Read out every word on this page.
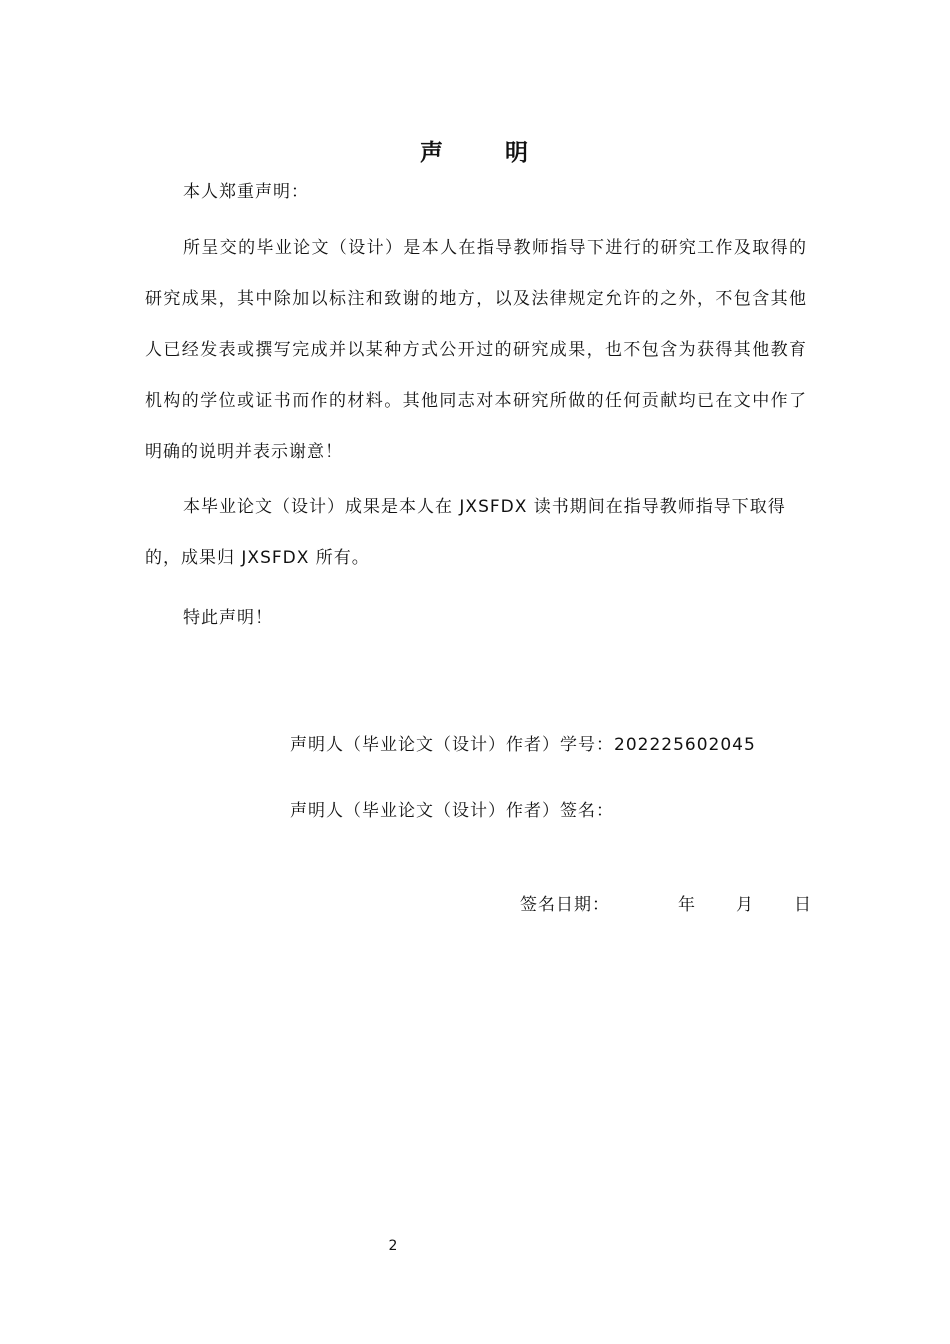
声	明
本人郑重声明：
所呈交的毕业论文（设计）是本人在指导教师指导下进行的研究工作及取得的研究成果，其中除加以标注和致谢的地方，以及法律规定允许的之外，不包含其他人已经发表或撰写完成并以某种方式公开过的研究成果，也不包含为获得其他教育机构的学位或证书而作的材料。其他同志对本研究所做的任何贡献均已在文中作了明确的说明并表示谢意！
本毕业论文（设计）成果是本人在 JXSFDX 读书期间在指导教师指导下取得的，成果归 JXSFDX 所有。
特此声明！
声明人（毕业论文（设计）作者）学号：202225602045
声明人（毕业论文（设计）作者）签名：
签名日期：	年 月 日
2
